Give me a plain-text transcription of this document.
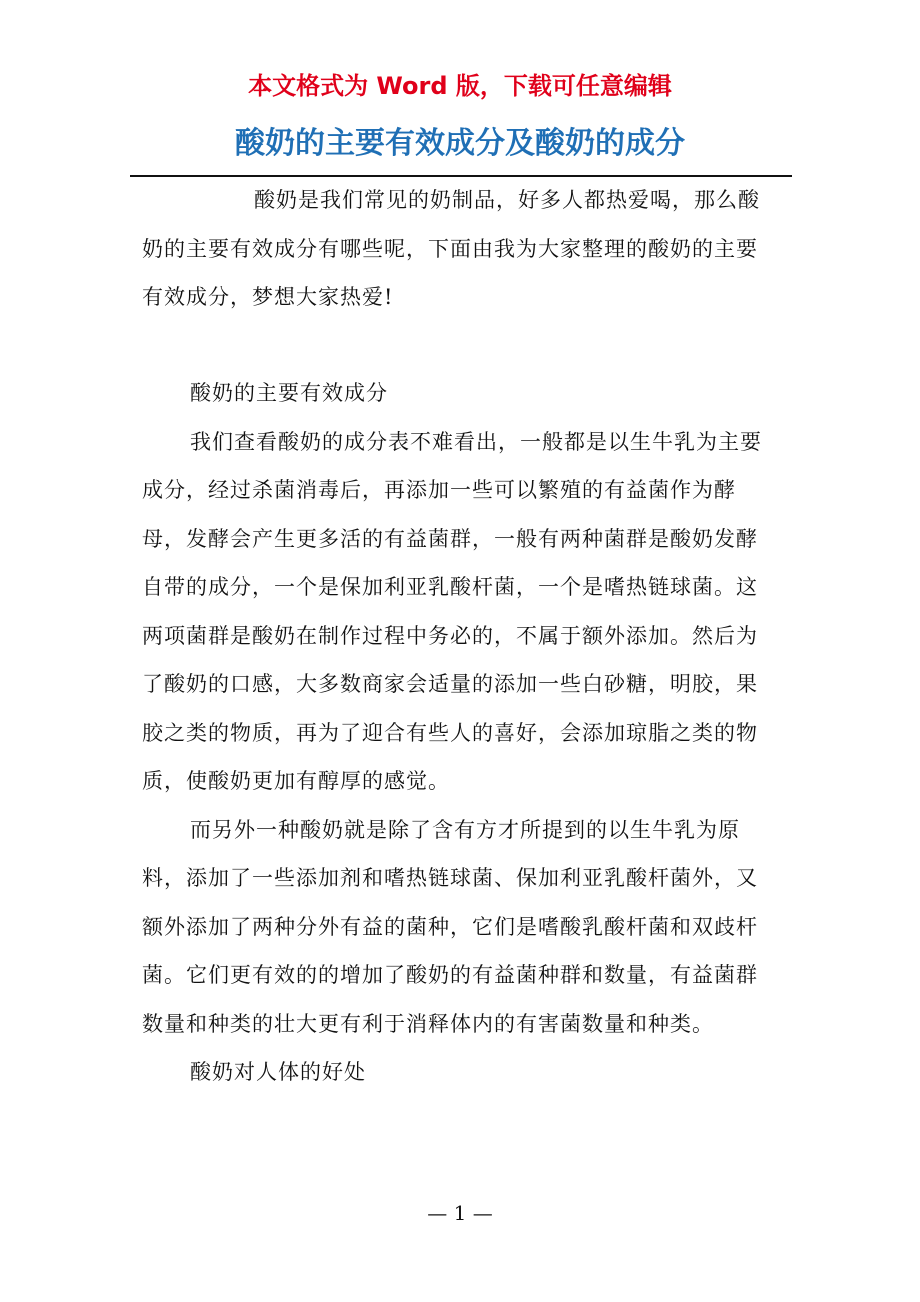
本文格式为 Word 版，下载可任意编辑
酸奶的主要有效成分及酸奶的成分
酸奶是我们常见的奶制品，好多人都热爱喝，那么酸奶的主要有效成分有哪些呢，下面由我为大家整理的酸奶的主要有效成分，梦想大家热爱!

酸奶的主要有效成分

我们查看酸奶的成分表不难看出，一般都是以生牛乳为主要成分，经过杀菌消毒后，再添加一些可以繁殖的有益菌作为酵母，发酵会产生更多活的有益菌群，一般有两种菌群是酸奶发酵自带的成分，一个是保加利亚乳酸杆菌，一个是嗜热链球菌。这两项菌群是酸奶在制作过程中务必的，不属于额外添加。然后为了酸奶的口感，大多数商家会适量的添加一些白砂糖，明胶，果胶之类的物质，再为了迎合有些人的喜好，会添加琼脂之类的物质，使酸奶更加有醇厚的感觉。

而另外一种酸奶就是除了含有方才所提到的以生牛乳为原料，添加了一些添加剂和嗜热链球菌、保加利亚乳酸杆菌外，又额外添加了两种分外有益的菌种，它们是嗜酸乳酸杆菌和双歧杆菌。它们更有效的的增加了酸奶的有益菌种群和数量，有益菌群数量和种类的壮大更有利于消释体内的有害菌数量和种类。

酸奶对人体的好处

— 1 —
